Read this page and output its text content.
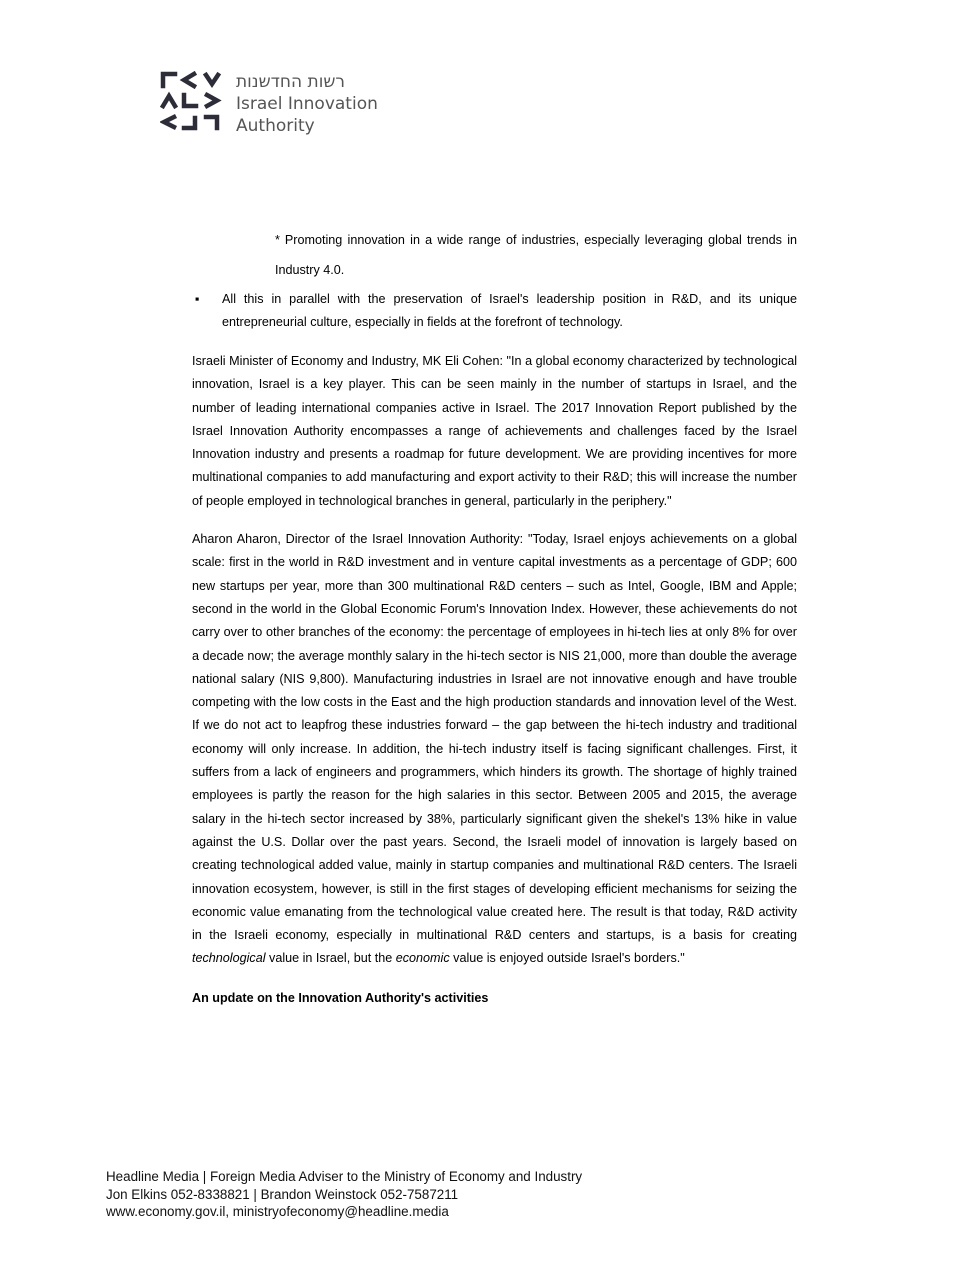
רשות החדשנות
Israel Innovation
Authority
* Promoting innovation in a wide range of industries, especially leveraging global trends in Industry 4.0.
▪	All this in parallel with the preservation of Israel's leadership position in R&D, and its unique entrepreneurial culture, especially in fields at the forefront of technology.

Israeli Minister of Economy and Industry, MK Eli Cohen: "In a global economy characterized by technological innovation, Israel is a key player. This can be seen mainly in the number of startups in Israel, and the number of leading international companies active in Israel. The 2017 Innovation Report published by the Israel Innovation Authority encompasses a range of achievements and challenges faced by the Israel Innovation industry and presents a roadmap for future development. We are providing incentives for more multinational companies to add manufacturing and export activity to their R&D; this will increase the number of people employed in technological branches in general, particularly in the periphery."

Aharon Aharon, Director of the Israel Innovation Authority: "Today, Israel enjoys achievements on a global scale: first in the world in R&D investment and in venture capital investments as a percentage of GDP; 600 new startups per year, more than 300 multinational R&D centers – such as Intel, Google, IBM and Apple; second in the world in the Global Economic Forum's Innovation Index. However, these achievements do not carry over to other branches of the economy: the percentage of employees in hi-tech lies at only 8% for over a decade now; the average monthly salary in the hi-tech sector is NIS 21,000, more than double the average national salary (NIS 9,800). Manufacturing industries in Israel are not innovative enough and have trouble competing with the low costs in the East and the high production standards and innovation level of the West. If we do not act to leapfrog these industries forward – the gap between the hi-tech industry and traditional economy will only increase. In addition, the hi-tech industry itself is facing significant challenges. First, it suffers from a lack of engineers and programmers, which hinders its growth. The shortage of highly trained employees is partly the reason for the high salaries in this sector. Between 2005 and 2015, the average salary in the hi-tech sector increased by 38%, particularly significant given the shekel's 13% hike in value against the U.S. Dollar over the past years. Second, the Israeli model of innovation is largely based on creating technological added value, mainly in startup companies and multinational R&D centers. The Israeli innovation ecosystem, however, is still in the first stages of developing efficient mechanisms for seizing the economic value emanating from the technological value created here. The result is that today, R&D activity in the Israeli economy, especially in multinational R&D centers and startups, is a basis for creating technological value in Israel, but the economic value is enjoyed outside Israel's borders."

An update on the Innovation Authority's activities
Headline Media | Foreign Media Adviser to the Ministry of Economy and Industry
Jon Elkins 052-8338821 | Brandon Weinstock 052-7587211
www.economy.gov.il, ministryofeconomy@headline.media
